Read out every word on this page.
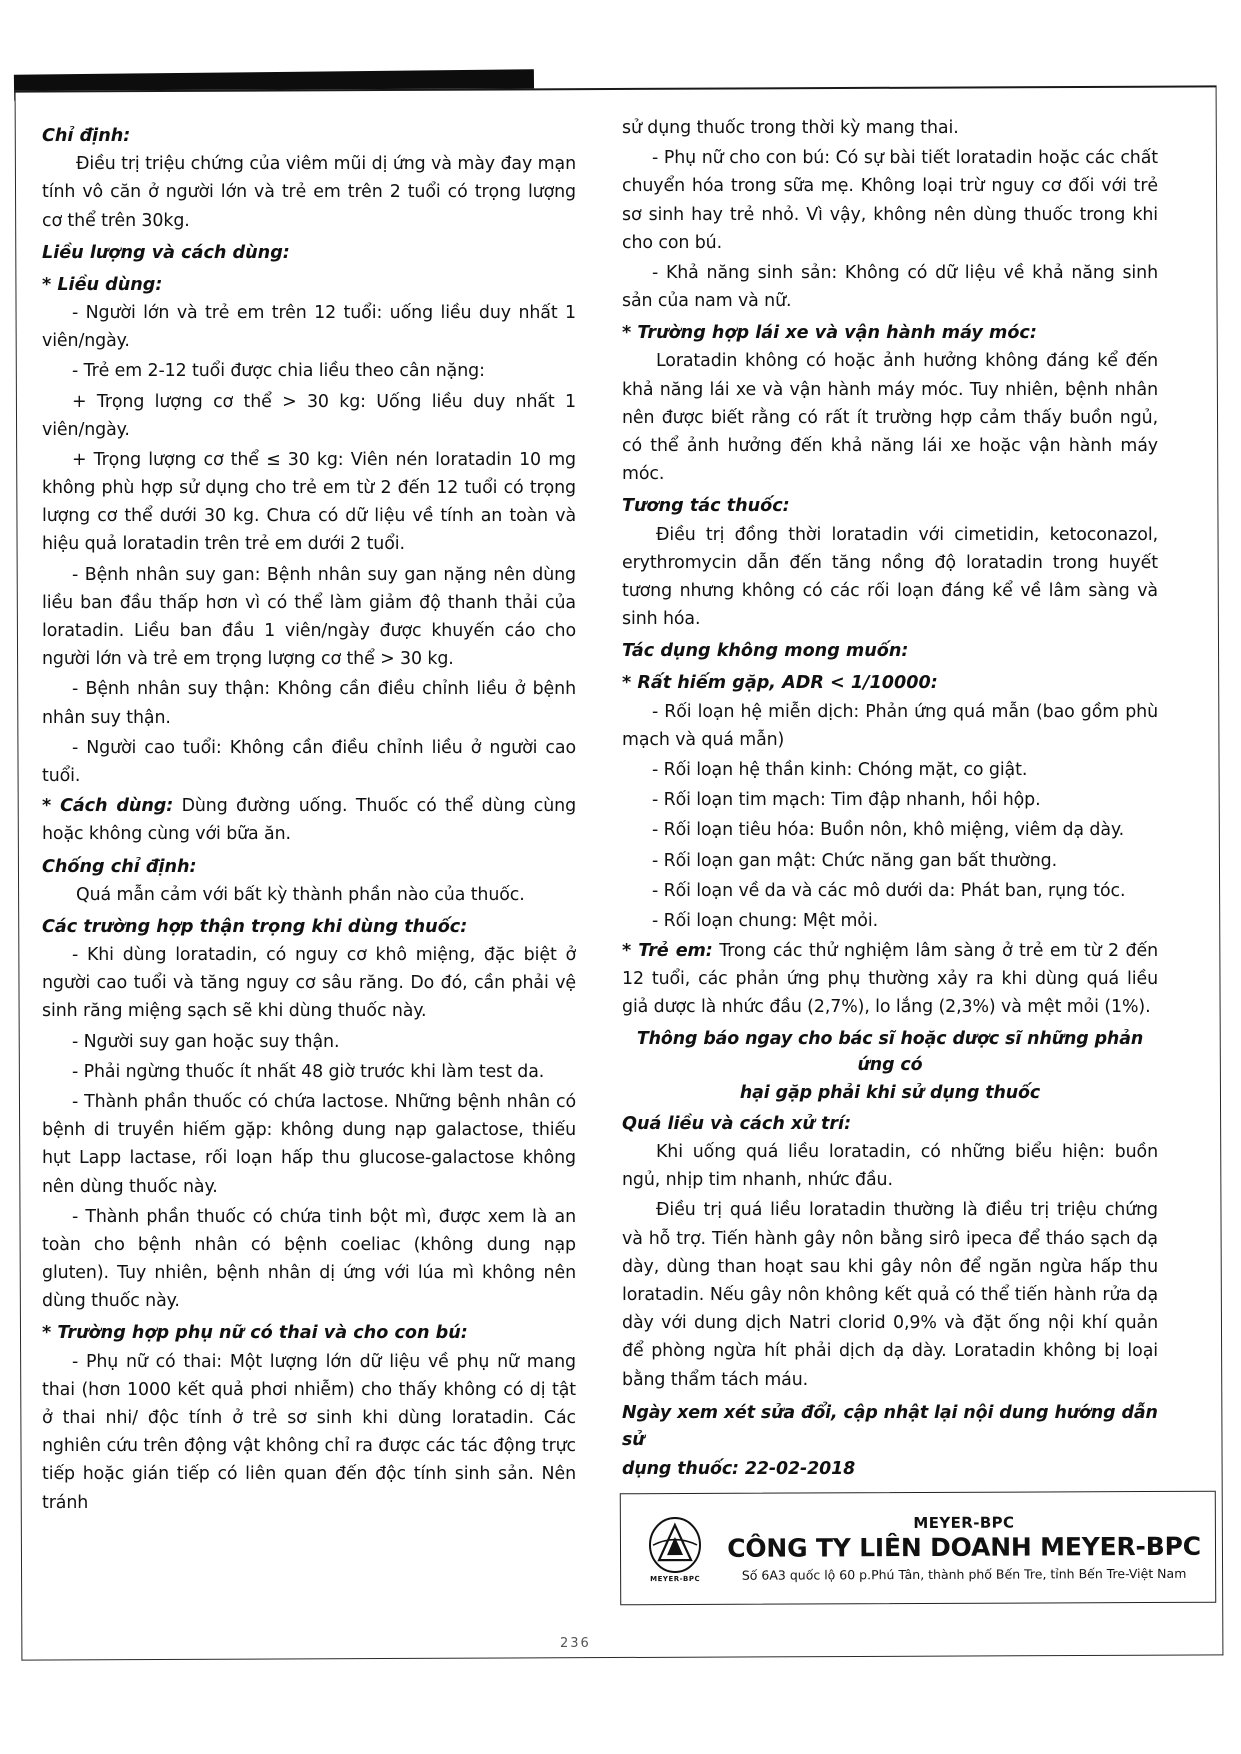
Chỉ định:

Điều trị triệu chứng của viêm mũi dị ứng và mày đay mạn tính vô căn ở người lớn và trẻ em trên 2 tuổi có trọng lượng cơ thể trên 30kg.

Liều lượng và cách dùng:
* Liều dùng:

- Người lớn và trẻ em trên 12 tuổi: uống liều duy nhất 1 viên/ngày.

- Trẻ em 2-12 tuổi được chia liều theo cân nặng:

+ Trọng lượng cơ thể > 30 kg: Uống liều duy nhất 1 viên/ngày.

+ Trọng lượng cơ thể ≤ 30 kg: Viên nén loratadin 10 mg không phù hợp sử dụng cho trẻ em từ 2 đến 12 tuổi có trọng lượng cơ thể dưới 30 kg. Chưa có dữ liệu về tính an toàn và hiệu quả loratadin trên trẻ em dưới 2 tuổi.

- Bệnh nhân suy gan: Bệnh nhân suy gan nặng nên dùng liều ban đầu thấp hơn vì có thể làm giảm độ thanh thải của loratadin. Liều ban đầu 1 viên/ngày được khuyến cáo cho người lớn và trẻ em trọng lượng cơ thể > 30 kg.

- Bệnh nhân suy thận: Không cần điều chỉnh liều ở bệnh nhân suy thận.

- Người cao tuổi: Không cần điều chỉnh liều ở người cao tuổi.

* Cách dùng: Dùng đường uống. Thuốc có thể dùng cùng hoặc không cùng với bữa ăn.

Chống chỉ định:

Quá mẫn cảm với bất kỳ thành phần nào của thuốc.

Các trường hợp thận trọng khi dùng thuốc:

- Khi dùng loratadin, có nguy cơ khô miệng, đặc biệt ở người cao tuổi và tăng nguy cơ sâu răng. Do đó, cần phải vệ sinh răng miệng sạch sẽ khi dùng thuốc này.

- Người suy gan hoặc suy thận.

- Phải ngừng thuốc ít nhất 48 giờ trước khi làm test da.

- Thành phần thuốc có chứa lactose. Những bệnh nhân có bệnh di truyền hiếm gặp: không dung nạp galactose, thiếu hụt Lapp lactase, rối loạn hấp thu glucose-galactose không nên dùng thuốc này.

- Thành phần thuốc có chứa tinh bột mì, được xem là an toàn cho bệnh nhân có bệnh coeliac (không dung nạp gluten). Tuy nhiên, bệnh nhân dị ứng với lúa mì không nên dùng thuốc này.

* Trường hợp phụ nữ có thai và cho con bú:

- Phụ nữ có thai: Một lượng lớn dữ liệu về phụ nữ mang thai (hơn 1000 kết quả phơi nhiễm) cho thấy không có dị tật ở thai nhi/ độc tính ở trẻ sơ sinh khi dùng loratadin. Các nghiên cứu trên động vật không chỉ ra được các tác động trực tiếp hoặc gián tiếp có liên quan đến độc tính sinh sản. Nên tránh

sử dụng thuốc trong thời kỳ mang thai.

- Phụ nữ cho con bú: Có sự bài tiết loratadin hoặc các chất chuyển hóa trong sữa mẹ. Không loại trừ nguy cơ đối với trẻ sơ sinh hay trẻ nhỏ. Vì vậy, không nên dùng thuốc trong khi cho con bú.

- Khả năng sinh sản: Không có dữ liệu về khả năng sinh sản của nam và nữ.

* Trường hợp lái xe và vận hành máy móc:

Loratadin không có hoặc ảnh hưởng không đáng kể đến khả năng lái xe và vận hành máy móc. Tuy nhiên, bệnh nhân nên được biết rằng có rất ít trường hợp cảm thấy buồn ngủ, có thể ảnh hưởng đến khả năng lái xe hoặc vận hành máy móc.

Tương tác thuốc:

Điều trị đồng thời loratadin với cimetidin, ketoconazol, erythromycin dẫn đến tăng nồng độ loratadin trong huyết tương nhưng không có các rối loạn đáng kể về lâm sàng và sinh hóa.

Tác dụng không mong muốn:
* Rất hiếm gặp, ADR < 1/10000:

- Rối loạn hệ miễn dịch: Phản ứng quá mẫn (bao gồm phù mạch và quá mẫn)

- Rối loạn hệ thần kinh: Chóng mặt, co giật.

- Rối loạn tim mạch: Tim đập nhanh, hồi hộp.

- Rối loạn tiêu hóa: Buồn nôn, khô miệng, viêm dạ dày.

- Rối loạn gan mật: Chức năng gan bất thường.

- Rối loạn về da và các mô dưới da: Phát ban, rụng tóc.

- Rối loạn chung: Mệt mỏi.

* Trẻ em: Trong các thử nghiệm lâm sàng ở trẻ em từ 2 đến 12 tuổi, các phản ứng phụ thường xảy ra khi dùng quá liều giả dược là nhức đầu (2,7%), lo lắng (2,3%) và mệt mỏi (1%).

Thông báo ngay cho bác sĩ hoặc dược sĩ những phản ứng có

hại gặp phải khi sử dụng thuốc

Quá liều và cách xử trí:

Khi uống quá liều loratadin, có những biểu hiện: buồn ngủ, nhịp tim nhanh, nhức đầu.

Điều trị quá liều loratadin thường là điều trị triệu chứng và hỗ trợ. Tiến hành gây nôn bằng sirô ipeca để tháo sạch dạ dày, dùng than hoạt sau khi gây nôn để ngăn ngừa hấp thu loratadin. Nếu gây nôn không kết quả có thể tiến hành rửa dạ dày với dung dịch Natri clorid 0,9% và đặt ống nội khí quản để phòng ngừa hít phải dịch dạ dày. Loratadin không bị loại bằng thẩm tách máu.

Ngày xem xét sửa đổi, cập nhật lại nội dung hướng dẫn sử

dụng thuốc: 22-02-2018

MEYER-BPC
MEYER-BPC
CÔNG TY LIÊN DOANH MEYER-BPC
Số 6A3 quốc lộ 60 p.Phú Tân, thành phố Bến Tre, tỉnh Bến Tre-Việt Nam
236
